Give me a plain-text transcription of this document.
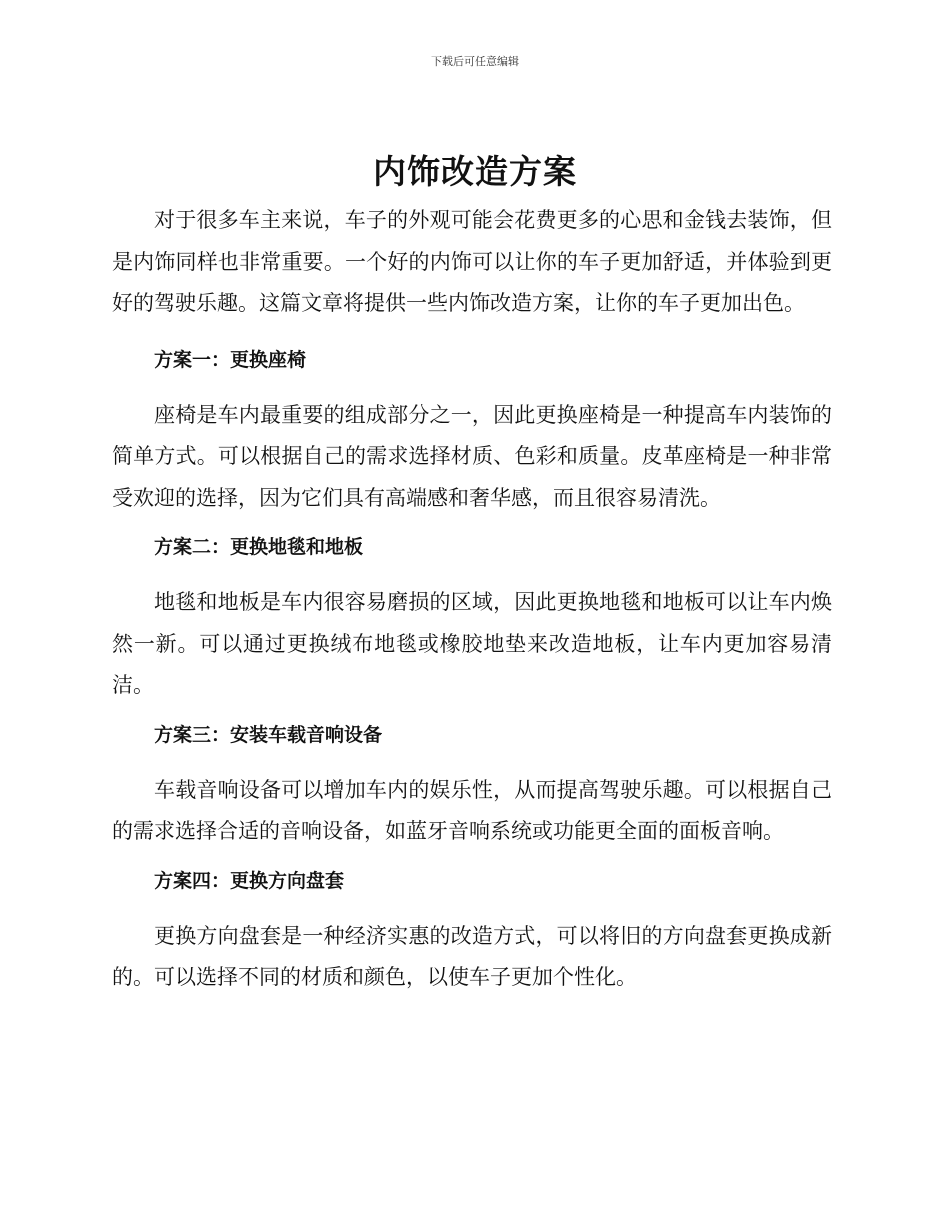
下载后可任意编辑
内饰改造方案

对于很多车主来说，车子的外观可能会花费更多的心思和金钱去装饰，但是内饰同样也非常重要。一个好的内饰可以让你的车子更加舒适，并体验到更好的驾驶乐趣。这篇文章将提供一些内饰改造方案，让你的车子更加出色。

方案一：更换座椅

座椅是车内最重要的组成部分之一，因此更换座椅是一种提高车内装饰的简单方式。可以根据自己的需求选择材质、色彩和质量。皮革座椅是一种非常受欢迎的选择，因为它们具有高端感和奢华感，而且很容易清洗。

方案二：更换地毯和地板

地毯和地板是车内很容易磨损的区域，因此更换地毯和地板可以让车内焕然一新。可以通过更换绒布地毯或橡胶地垫来改造地板，让车内更加容易清洁。

方案三：安装车载音响设备

车载音响设备可以增加车内的娱乐性，从而提高驾驶乐趣。可以根据自己的需求选择合适的音响设备，如蓝牙音响系统或功能更全面的面板音响。

方案四：更换方向盘套

更换方向盘套是一种经济实惠的改造方式，可以将旧的方向盘套更换成新的。可以选择不同的材质和颜色，以使车子更加个性化。
